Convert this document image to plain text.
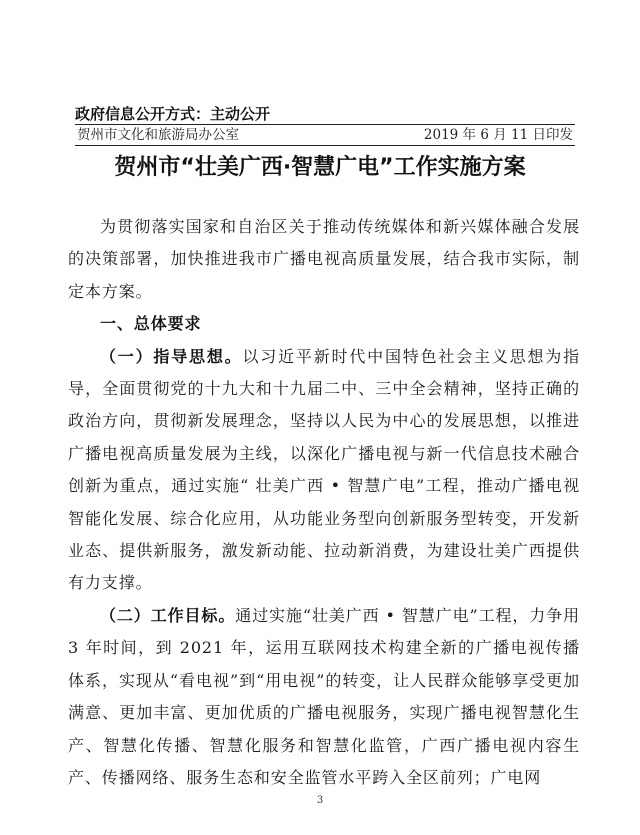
政府信息公开方式：主动公开
贺州市文化和旅游局办公室	2019 年 6 月 11 日印发
贺州市“壮美广西·智慧广电”工作实施方案

为贯彻落实国家和自治区关于推动传统媒体和新兴媒体融合发展的决策部署，加快推进我市广播电视高质量发展，结合我市实际，制定本方案。

一、总体要求

（一）指导思想。以习近平新时代中国特色社会主义思想为指导，全面贯彻党的十九大和十九届二中、三中全会精神，坚持正确的政治方向，贯彻新发展理念，坚持以人民为中心的发展思想，以推进广播电视高质量发展为主线，以深化广播电视与新一代信息技术融合创新为重点，通过实施“ 壮美广西 • 智慧广电”工程，推动广播电视智能化发展、综合化应用，从功能业务型向创新服务型转变，开发新业态、提供新服务，激发新动能、拉动新消费，为建设壮美广西提供有力支撑。

（二）工作目标。通过实施“壮美广西 • 智慧广电”工程，力争用 3 年时间，到 2021 年，运用互联网技术构建全新的广播电视传播体系，实现从“看电视”到“用电视”的转变，让人民群众能够享受更加满意、更加丰富、更加优质的广播电视服务，实现广播电视智慧化生产、智慧化传播、智慧化服务和智慧化监管，广西广播电视内容生产、传播网络、服务生态和安全监管水平跨入全区前列；广电网

3
